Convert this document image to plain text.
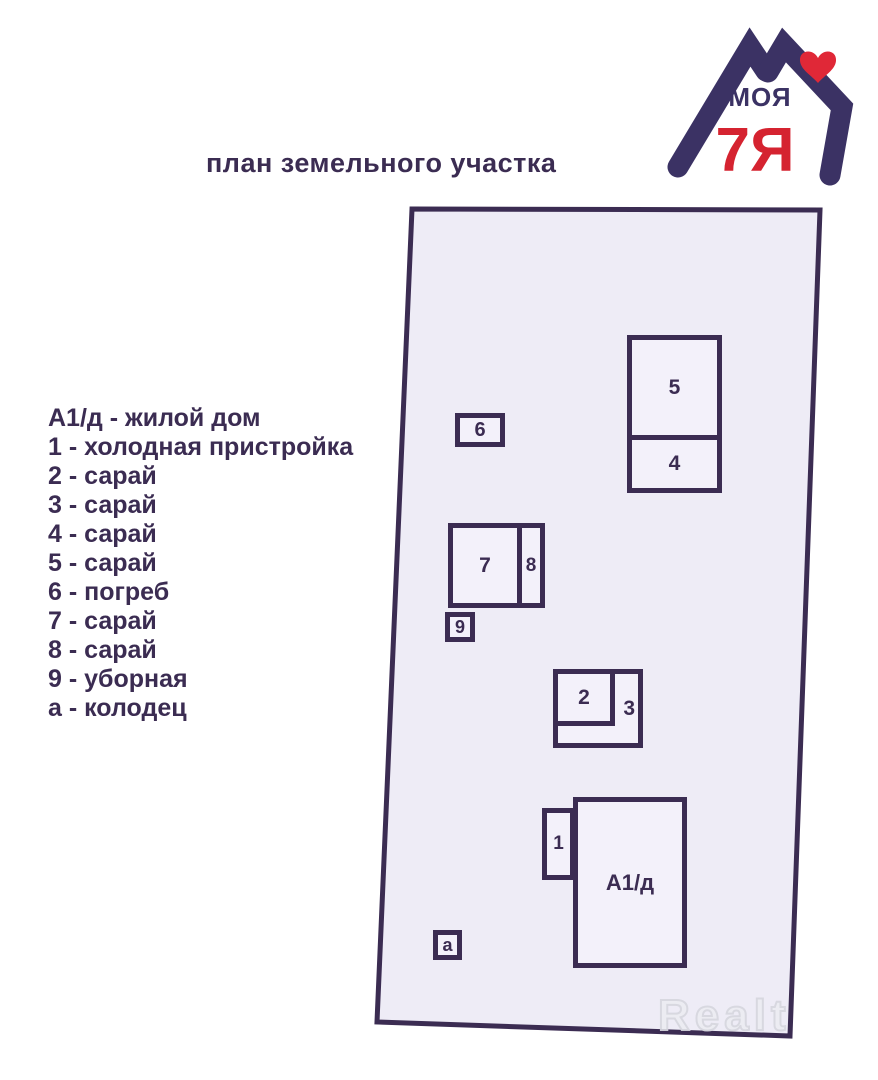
МОЯ
7Я
план земельного участка
А1/д - жилой дом
1 - холодная пристройка
2 - сарай
3 - сарай
4 - сарай
5 - сарай
6 - погреб
7 - сарай
8 - сарай
9 - уборная
а - колодец
5
4
6
7	8
9
3
2
1
А1/д
а
Realt
